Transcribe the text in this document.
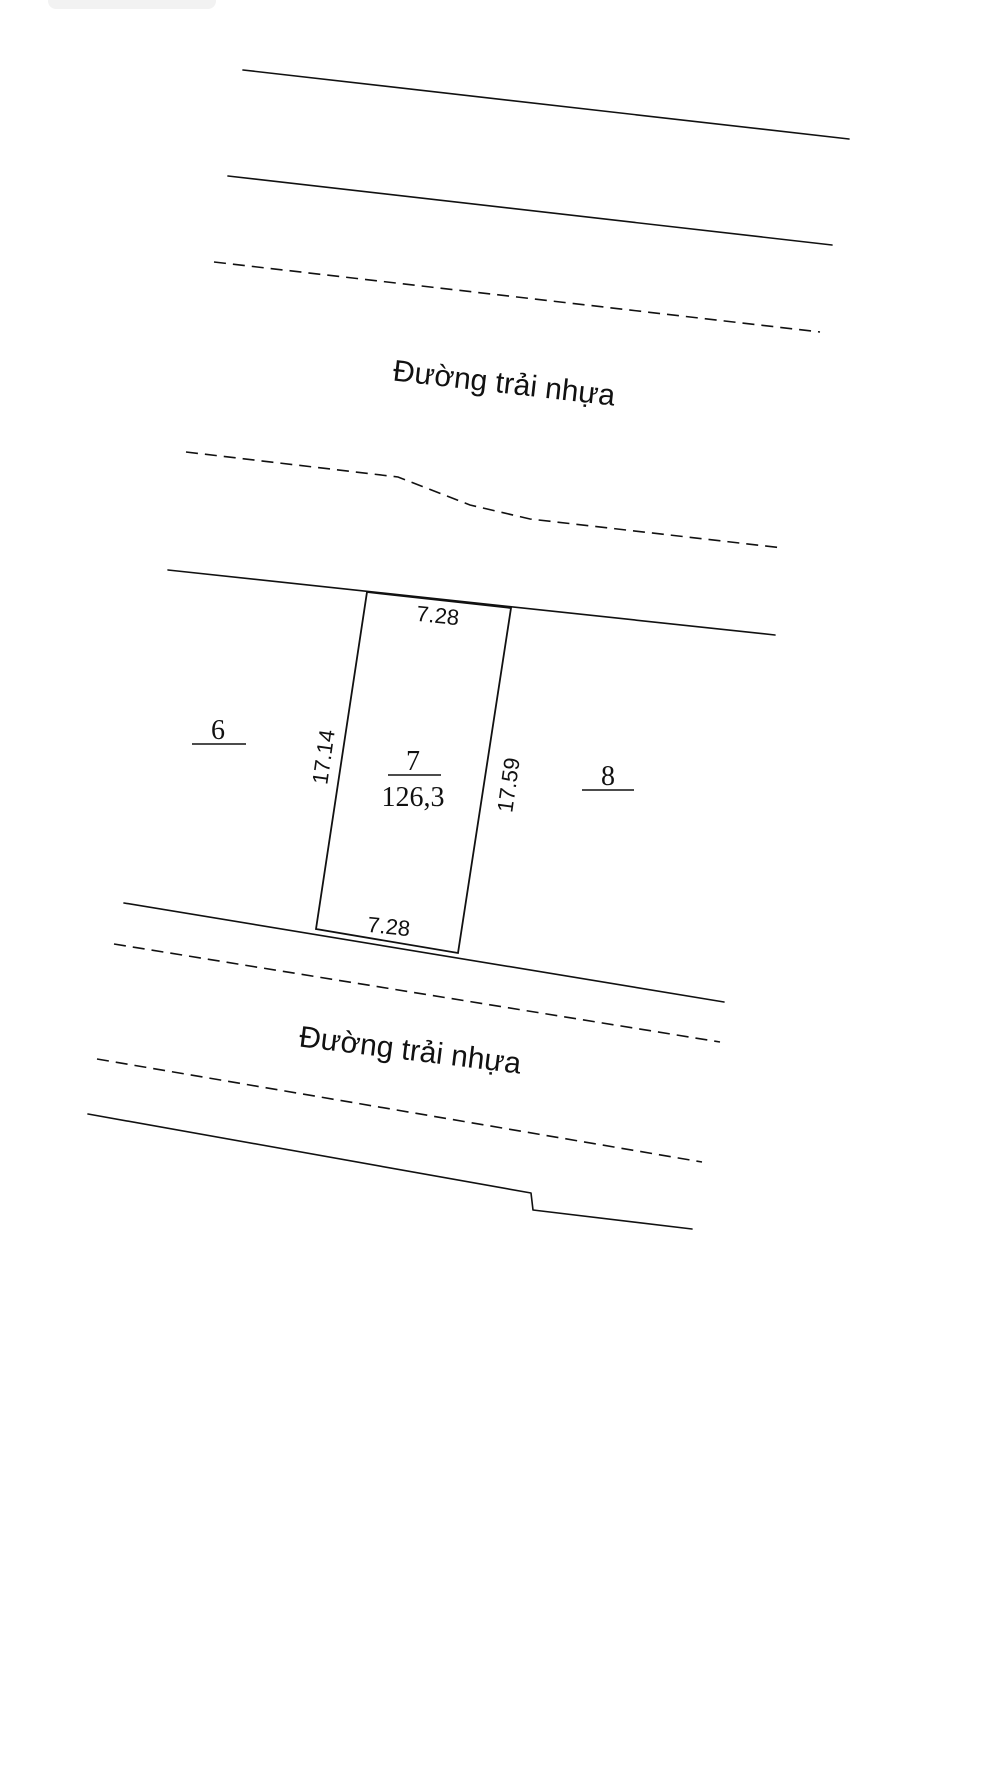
Đường trải nhựa
7.28
7.28
17.14	17.59
7
126,3
6
8
Đường trải nhựa
